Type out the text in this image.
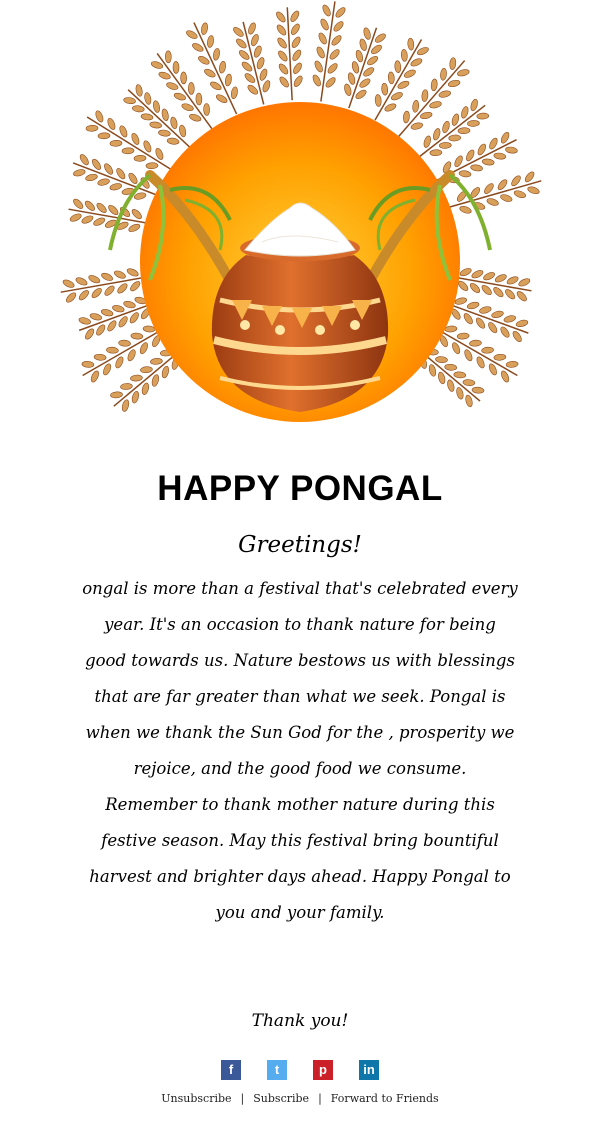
HAPPY PONGAL
Greetings!

ongal is more than a festival that's celebrated every year. It's an occasion to thank nature for being good towards us. Nature bestows us with blessings that are far greater than what we seek. Pongal is when we thank the Sun God for the , prosperity we rejoice, and the good food we consume.

Remember to thank mother nature during this festive season. May this festival bring bountiful harvest and brighter days ahead. Happy Pongal to you and your family.

Thank you!
f	t	p	in
Unsubscribe | Subscribe | Forward to Friends
